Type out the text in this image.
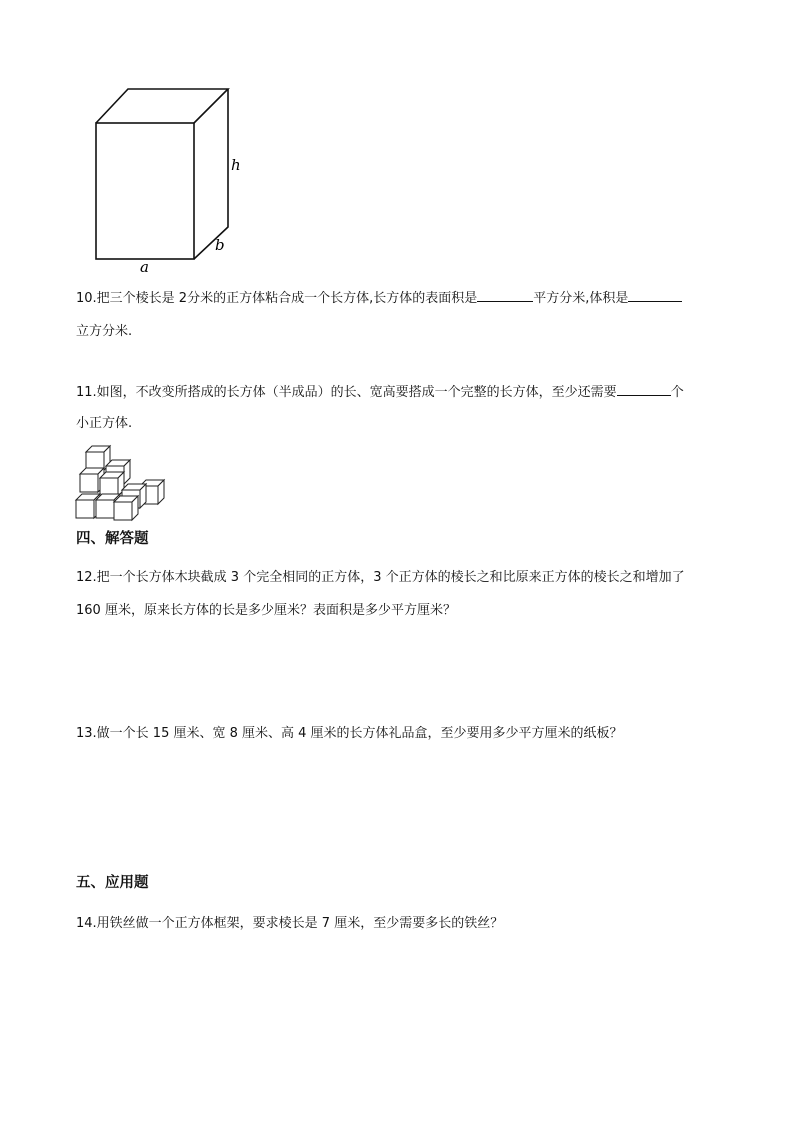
h
b
a
10.把三个棱长是 2分米的正方体粘合成一个长方体,长方体的表面积是	平方分米,体积是
立方分米.
11.如图，不改变所搭成的长方体（半成品）的长、宽高要搭成一个完整的长方体，至少还需要	个
小正方体.
四、解答题
12.把一个长方体木块截成 3 个完全相同的正方体，3 个正方体的棱长之和比原来正方体的棱长之和增加了
160 厘米，原来长方体的长是多少厘米？表面积是多少平方厘米？
13.做一个长 15 厘米、宽 8 厘米、高 4 厘米的长方体礼品盒，至少要用多少平方厘米的纸板？
五、应用题
14.用铁丝做一个正方体框架，要求棱长是 7 厘米，至少需要多长的铁丝？
